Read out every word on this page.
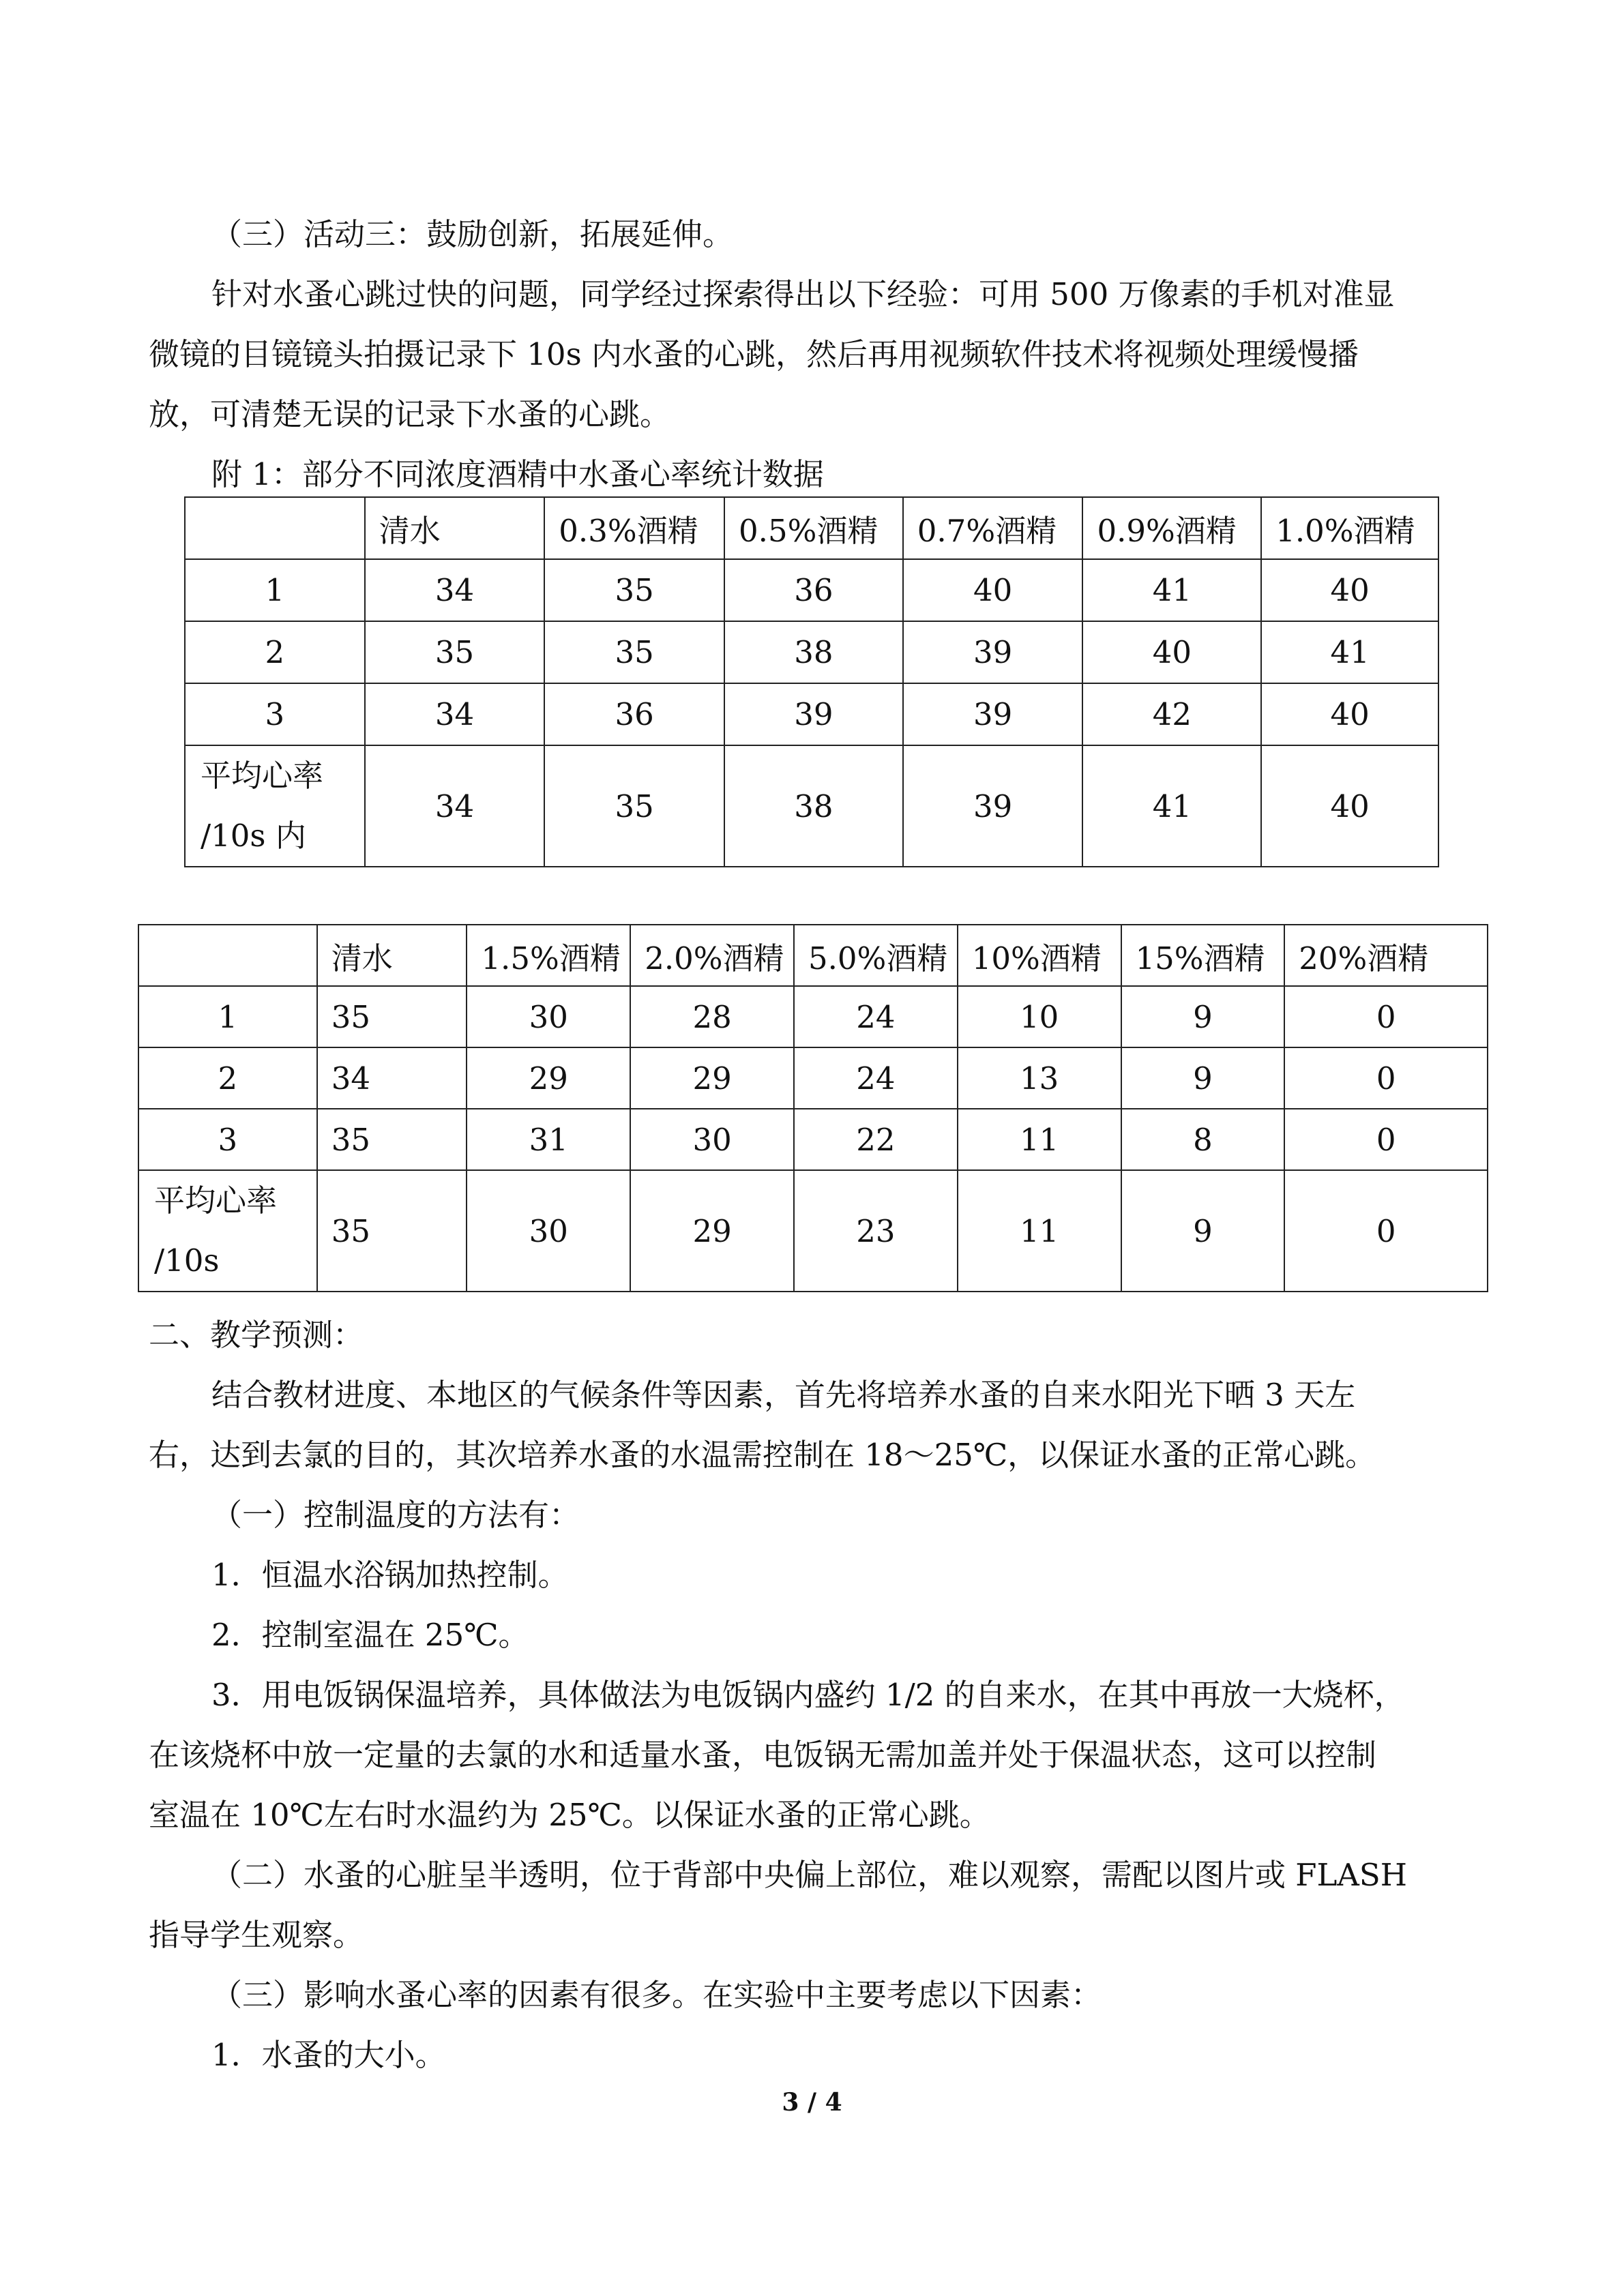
（三）活动三：鼓励创新，拓展延伸。

针对水蚤心跳过快的问题，同学经过探索得出以下经验：可用 500 万像素的手机对准显

微镜的目镜镜头拍摄记录下 10s 内水蚤的心跳，然后再用视频软件技术将视频处理缓慢播

放，可清楚无误的记录下水蚤的心跳。

附 1：部分不同浓度酒精中水蚤心率统计数据

	清水	0.3%酒精	0.5%酒精	0.7%酒精	0.9%酒精	1.0%酒精
1	34	35	36	40	41	40
2	35	35	38	39	40	41
3	34	36	39	39	42	40

平均心率
/10s 内	34	35	38	39	41	40
	清水	1.5%酒精	2.0%酒精	5.0%酒精	10%酒精	15%酒精	20%酒精
1	35	30	28	24	10	9	0
2	34	29	29	24	13	9	0
3	35	31	30	22	11	8	0

平均心率
/10s	35	30	29	23	11	9	0

二、教学预测：

结合教材进度、本地区的气候条件等因素，首先将培养水蚤的自来水阳光下晒 3 天左

右，达到去氯的目的，其次培养水蚤的水温需控制在 18～25℃，以保证水蚤的正常心跳。

（一）控制温度的方法有：

1．恒温水浴锅加热控制。

2．控制室温在 25℃。

3．用电饭锅保温培养，具体做法为电饭锅内盛约 1/2 的自来水，在其中再放一大烧杯，

在该烧杯中放一定量的去氯的水和适量水蚤，电饭锅无需加盖并处于保温状态，这可以控制

室温在 10℃左右时水温约为 25℃。以保证水蚤的正常心跳。

（二）水蚤的心脏呈半透明，位于背部中央偏上部位，难以观察，需配以图片或 FLASH

指导学生观察。

（三）影响水蚤心率的因素有很多。在实验中主要考虑以下因素：

1．水蚤的大小。

3 / 4
